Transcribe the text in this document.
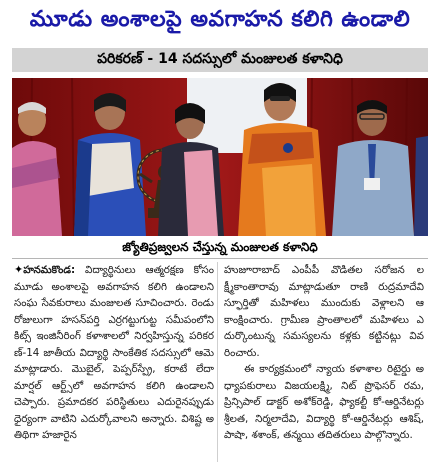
మూడు అంశాలపై అవగాహన కలిగి ఉండాలి
పరికరణ్ - 14 సదస్సులో మంజులత కళానిధి
జ్యోతిప్రజ్వలన చేస్తున్న మంజులత కళానిధి

✦హనమకొండ: విద్యార్థినులు ఆత్మరక్షణ కోసం మూడు అంశాలపై అవగాహన కలిగి ఉండాలని సంఘ సేవకురాలు మంజులత సూచించారు. రెండు రోజులుగా హసన్‌పర్తి ఎర్రగట్టుగుట్ట సమీపంలోని కిట్స్ ఇంజినీరింగ్ కళాశాలలో నిర్వహిస్తున్న పరికరణ్-14 జాతీయ విద్యార్థి సాంకేతిక సదస్సులో ఆమె మాట్లాడారు. మొబైల్, పెప్పర్‌స్ప్రే, కరాటే లేదా మార్షల్ ఆర్ట్స్‌లో అవగాహన కలిగి ఉండాలని చెప్పారు. ప్రమాదకర పరిస్థితులు ఎదురైనప్పుడు ధైర్యంగా వాటిని ఎదుర్కోవాలని అన్నారు. విశిష్ట అతిథిగా హజారైన

హుజూరాబాద్ ఎంపీపీ వొడితల సరోజన లక్ష్మీకాంతారావు మాట్లాడుతూ రాణి రుద్రమాదేవి స్ఫూర్తితో మహిళలు ముందుకు వెళ్లాలని ఆకాంక్షించారు. గ్రామీణ ప్రాంతాలలో మహిళలు ఎదుర్కొంటున్న సమస్యలను కళ్లకు కట్టినట్లు వివరించారు.

ఈ కార్యక్రమంలో న్యాయ కళాశాల రిటైర్డు అధ్యాపకురాలు విజయలక్ష్మి, నిట్ ప్రొఫెసర్ రమ, ప్రిన్సిపాల్ డాక్టర్ అశోక్‌రెడ్డి, ఫ్యాకల్టీ కో-ఆర్డినేటర్లు శ్రీలత, నిర్మలాదేవి, విద్యార్థి కో-ఆర్డినేటర్లు ఆశిష్, పాషా, శశాంక్, తన్మయి తదితరులు పాల్గొన్నారు.
